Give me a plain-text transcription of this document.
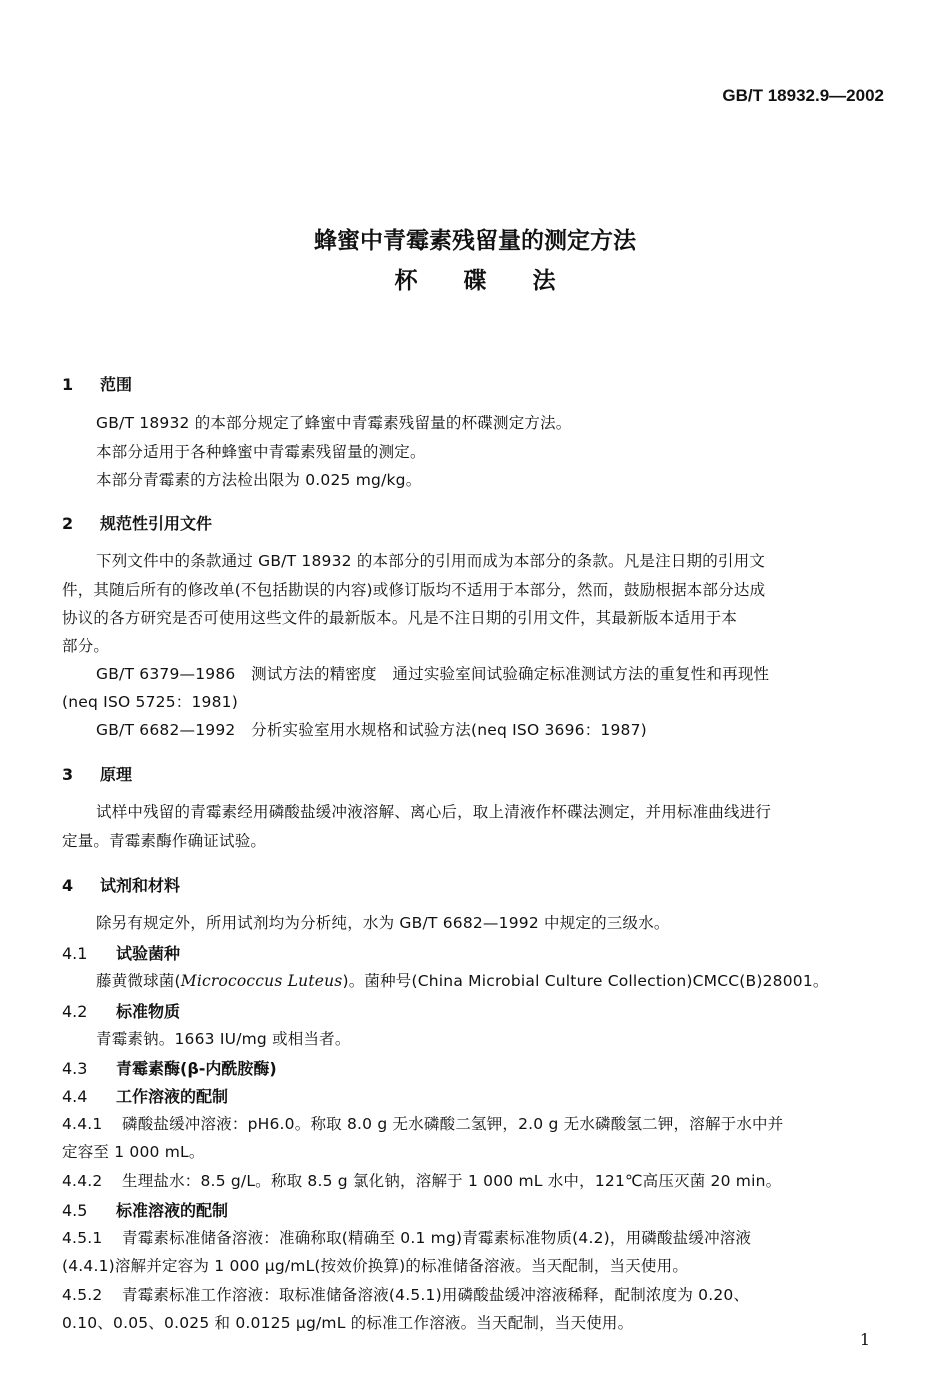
GB/T 18932.9—2002
蜂蜜中青霉素残留量的测定方法
杯　　碟　　法
1 范围
GB/T 18932 的本部分规定了蜂蜜中青霉素残留量的杯碟测定方法。
本部分适用于各种蜂蜜中青霉素残留量的测定。
本部分青霉素的方法检出限为 0.025 mg/kg。
2 规范性引用文件
下列文件中的条款通过 GB/T 18932 的本部分的引用而成为本部分的条款。凡是注日期的引用文
件，其随后所有的修改单(不包括勘误的内容)或修订版均不适用于本部分，然而，鼓励根据本部分达成
协议的各方研究是否可使用这些文件的最新版本。凡是不注日期的引用文件，其最新版本适用于本
部分。
GB/T 6379—1986　测试方法的精密度　通过实验室间试验确定标准测试方法的重复性和再现性
(neq ISO 5725：1981)
GB/T 6682—1992　分析实验室用水规格和试验方法(neq ISO 3696：1987)
3 原理
试样中残留的青霉素经用磷酸盐缓冲液溶解、离心后，取上清液作杯碟法测定，并用标准曲线进行
定量。青霉素酶作确证试验。
4 试剂和材料
除另有规定外，所用试剂均为分析纯，水为 GB/T 6682—1992 中规定的三级水。
4.1 试验菌种
藤黄微球菌(Micrococcus Luteus)。菌种号(China Microbial Culture Collection)CMCC(B)28001。
4.2 标准物质
青霉素钠。1663 IU/mg 或相当者。
4.3 青霉素酶(β-内酰胺酶)
4.4 工作溶液的配制
4.4.1 磷酸盐缓冲溶液：pH6.0。称取 8.0 g 无水磷酸二氢钾，2.0 g 无水磷酸氢二钾，溶解于水中并
定容至 1 000 mL。
4.4.2 生理盐水：8.5 g/L。称取 8.5 g 氯化钠，溶解于 1 000 mL 水中，121℃高压灭菌 20 min。
4.5 标准溶液的配制
4.5.1 青霉素标准储备溶液：准确称取(精确至 0.1 mg)青霉素标准物质(4.2)，用磷酸盐缓冲溶液
(4.4.1)溶解并定容为 1 000 μg/mL(按效价换算)的标准储备溶液。当天配制，当天使用。
4.5.2 青霉素标准工作溶液：取标准储备溶液(4.5.1)用磷酸盐缓冲溶液稀释，配制浓度为 0.20、
0.10、0.05、0.025 和 0.0125 μg/mL 的标准工作溶液。当天配制，当天使用。
1
